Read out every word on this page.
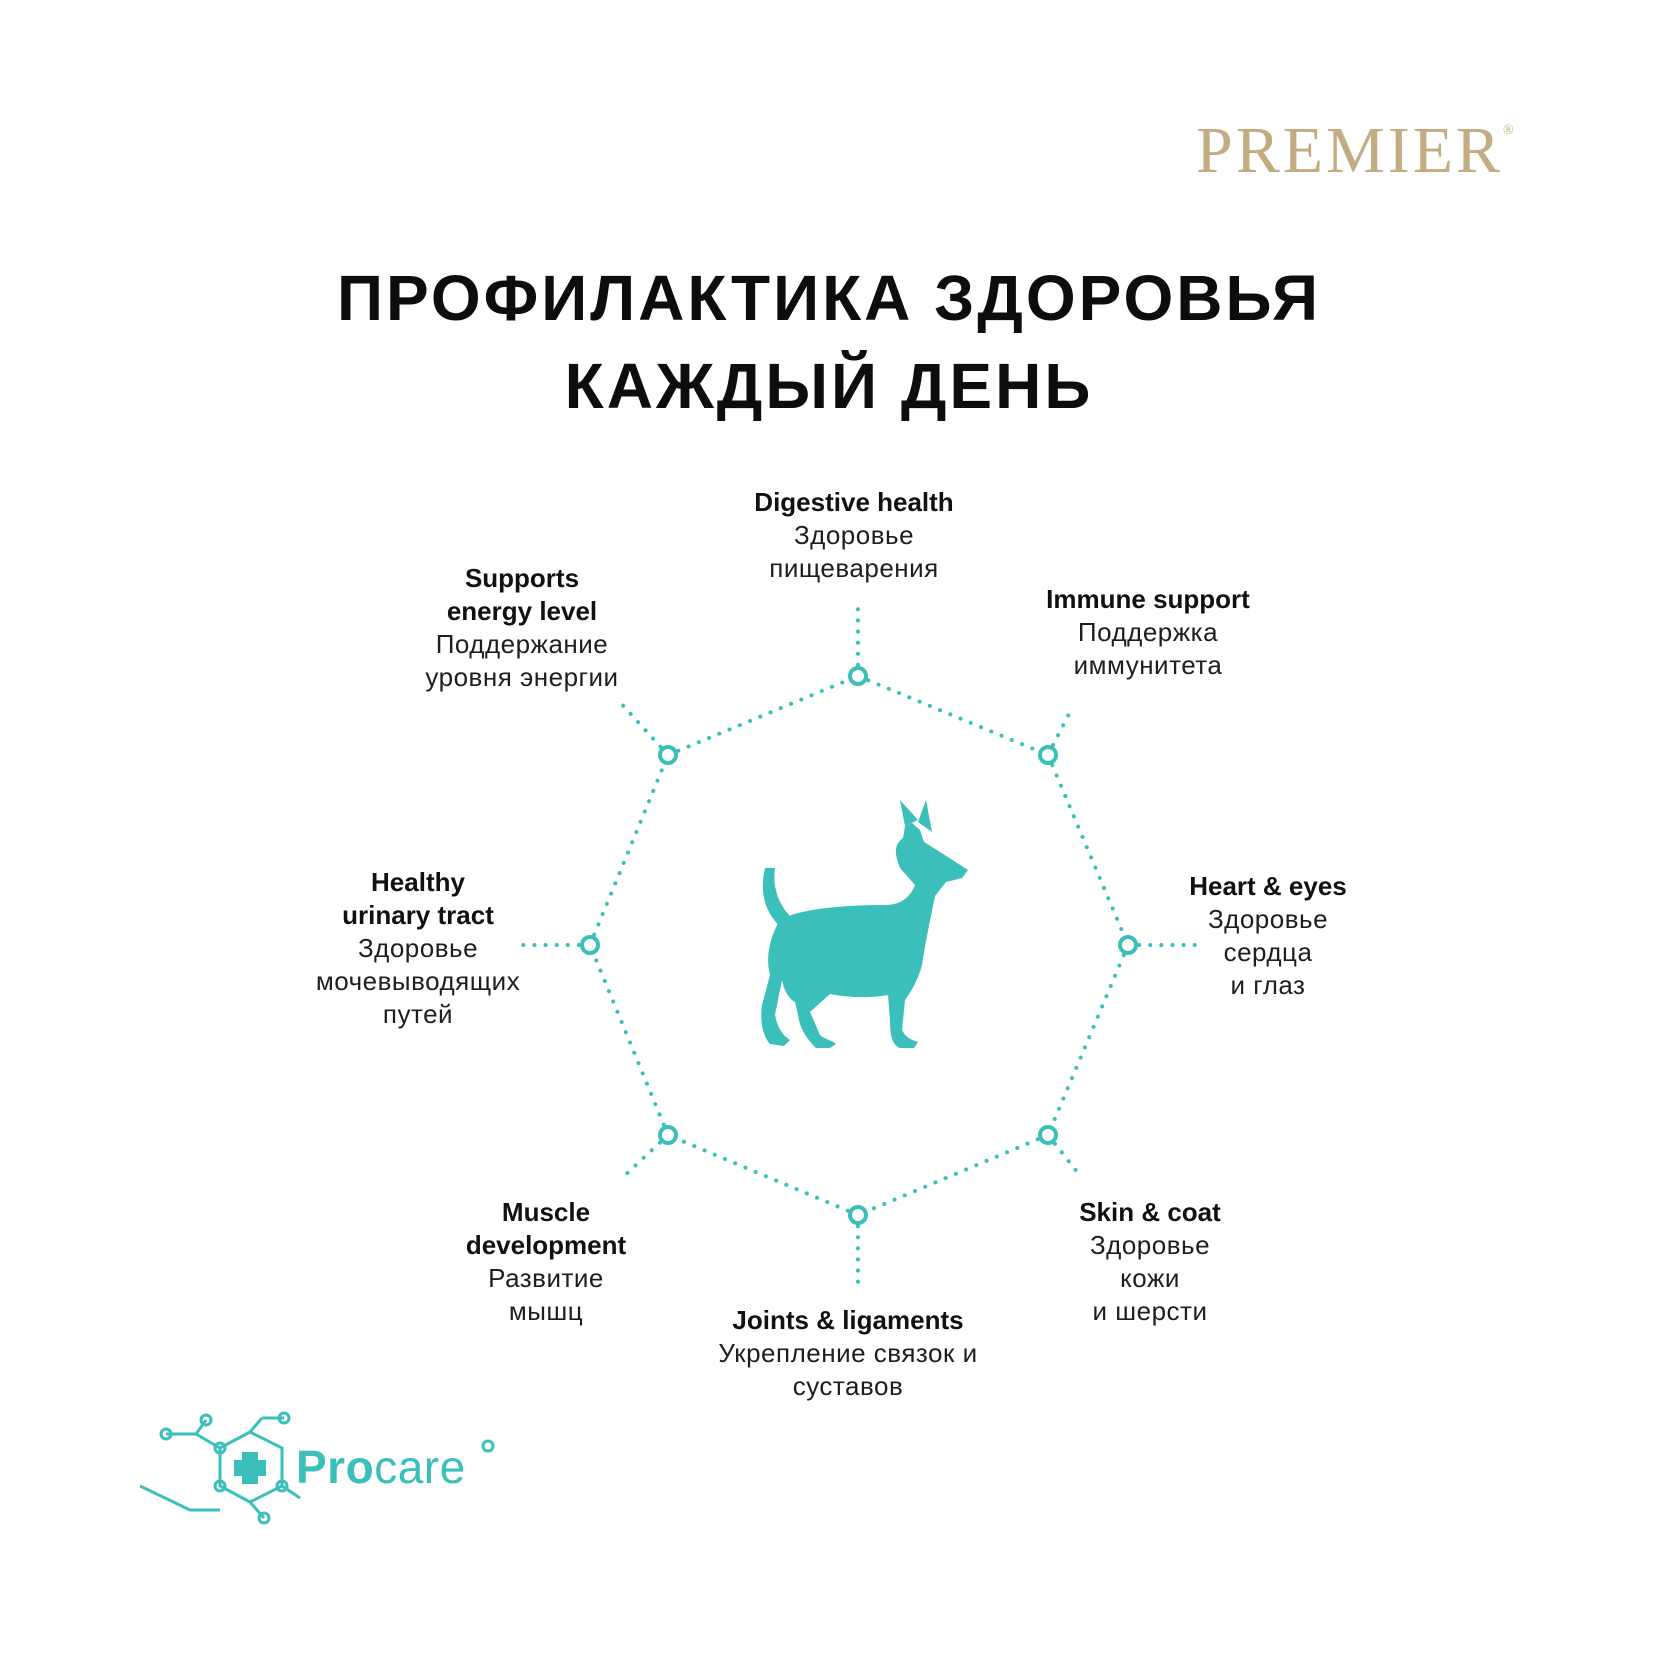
PREMIER®
ПРОФИЛАКТИКА ЗДОРОВЬЯ
КАЖДЫЙ ДЕНЬ
Digestive health
Здоровье
пищеварения
Immune support
Поддержка
иммунитета
Heart & eyes
Здоровье
сердца
и глаз
Skin & coat
Здоровье
кожи
и шерсти
Joints & ligaments
Укрепление связок и
суставов
Muscle
development
Развитие
мышц
Healthy
urinary tract
Здоровье
мочевыводящих
путей
Supports
energy level
Поддержание
уровня энергии
Procare
